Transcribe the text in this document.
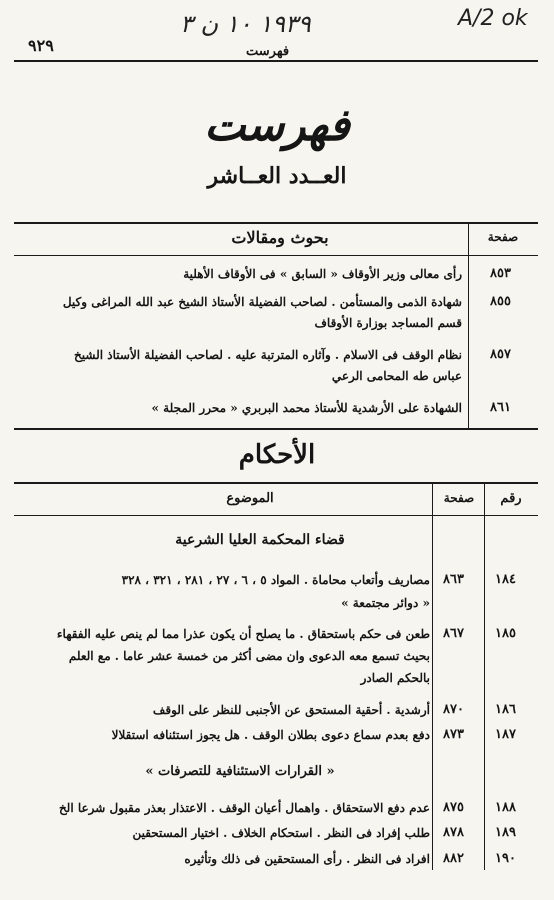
٩٢٩	فهرست
١٩٣٩ ١٠ ن ٣	A/2 ok
فهرست
العــدد العــاشر
صفحة
بحوث ومقالات
٨٥٣
رأى معالى وزير الأوقاف « السابق » فى الأوقاف الأهلية
٨٥٥
شهادة الذمى والمستأمن . لصاحب الفضيلة الأستاذ الشيخ عبد الله المراغى وكيل
قسم المساجد بوزارة الأوقاف
٨٥٧
نظام الوقف فى الاسلام . وآثاره المترتبة عليه . لصاحب الفضيلة الأستاذ الشيخ
عباس طه المحامى الرعي
٨٦١
الشهادة على الأرشدية للأستاذ محمد البربري « محرر المجلة »
الأحكام
رقم
صفحة
الموضوع
قضاء المحكمة العليا الشرعية
١٨٤
٨٦٣
مصاريف وأتعاب محاماة . المواد ٥ ، ٦ ، ٢٧ ، ٢٨١ ، ٣٢١ ، ٣٢٨
« دوائر مجتمعة »
١٨٥
٨٦٧
طعن فى حكم باستحقاق . ما يصلح أن يكون عذرا مما لم ينص عليه الفقهاء
بحيث تسمع معه الدعوى وان مضى أكثر من خمسة عشر عاما . مع العلم
بالحكم الصادر
١٨٦
٨٧٠
أرشدية . أحقية المستحق عن الأجنبى للنظر على الوقف
١٨٧
٨٧٣
دفع بعدم سماع دعوى بطلان الوقف . هل يجوز استئنافه استقلالا
« القرارات الاستئنافية للتصرفات »
١٨٨
٨٧٥
عدم دفع الاستحقاق . واهمال أعيان الوقف . الاعتذار بعذر مقبول شرعا الخ
١٨٩
٨٧٨
طلب إفراد فى النظر . استحكام الخلاف . اختيار المستحقين
١٩٠
٨٨٢
افراد فى النظر . رأى المستحقين فى ذلك وتأثيره
